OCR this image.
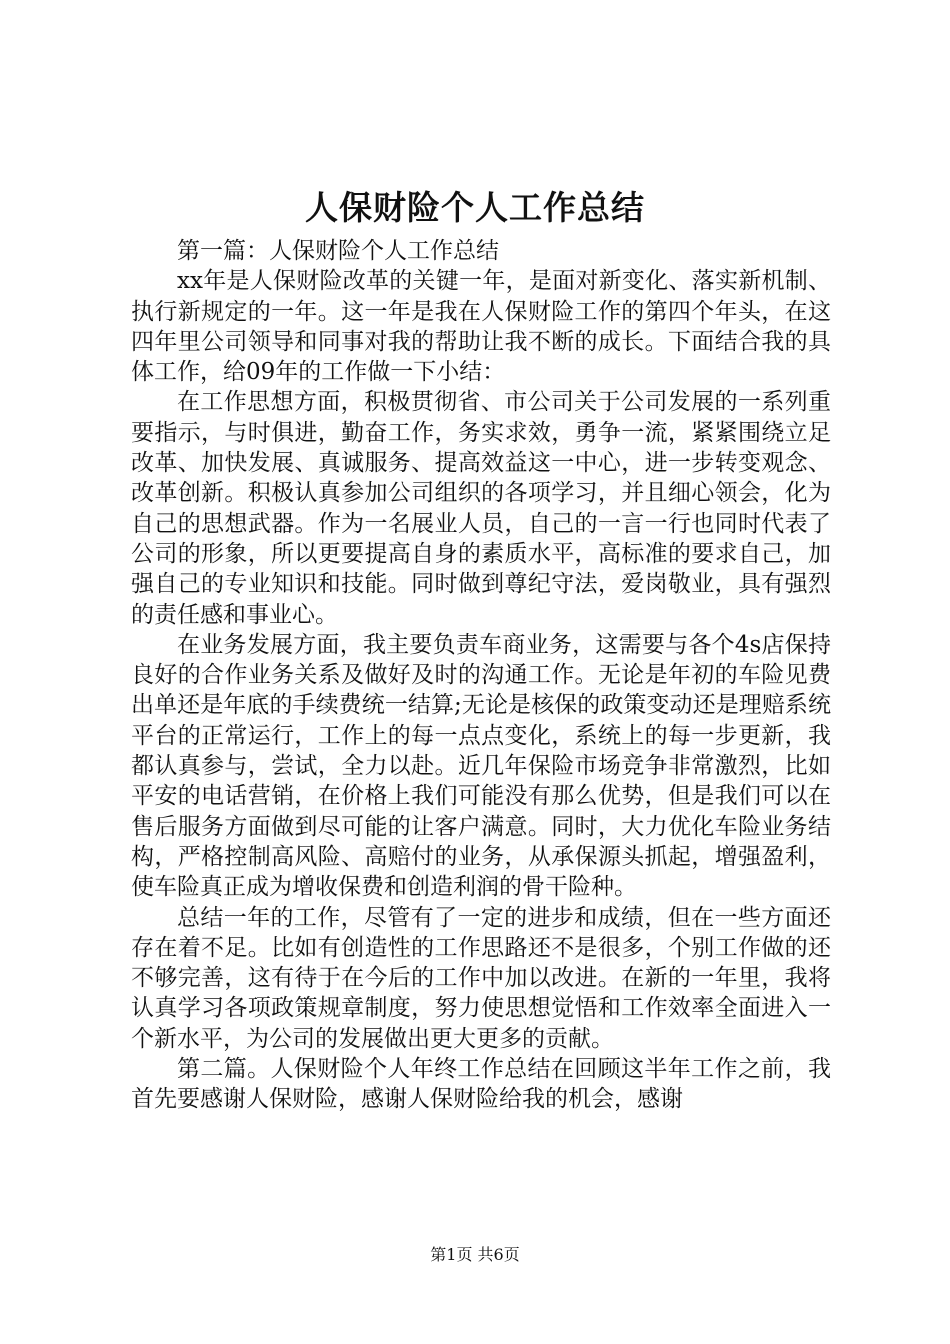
人保财险个人工作总结

第一篇：人保财险个人工作总结

xx年是人保财险改革的关键一年，是面对新变化、落实新机制、执行新规定的一年。这一年是我在人保财险工作的第四个年头，在这四年里公司领导和同事对我的帮助让我不断的成长。下面结合我的具体工作，给09年的工作做一下小结：

在工作思想方面，积极贯彻省、市公司关于公司发展的一系列重要指示，与时俱进，勤奋工作，务实求效，勇争一流，紧紧围绕立足改革、加快发展、真诚服务、提高效益这一中心，进一步转变观念、改革创新。积极认真参加公司组织的各项学习，并且细心领会，化为自己的思想武器。作为一名展业人员，自己的一言一行也同时代表了公司的形象，所以更要提高自身的素质水平，高标准的要求自己，加强自己的专业知识和技能。同时做到尊纪守法，爱岗敬业，具有强烈的责任感和事业心。

在业务发展方面，我主要负责车商业务，这需要与各个4s店保持良好的合作业务关系及做好及时的沟通工作。无论是年初的车险见费出单还是年底的手续费统一结算;无论是核保的政策变动还是理赔系统平台的正常运行，工作上的每一点点变化，系统上的每一步更新，我都认真参与，尝试，全力以赴。近几年保险市场竞争非常激烈，比如平安的电话营销，在价格上我们可能没有那么优势，但是我们可以在售后服务方面做到尽可能的让客户满意。同时，大力优化车险业务结构，严格控制高风险、高赔付的业务，从承保源头抓起，增强盈利，使车险真正成为增收保费和创造利润的骨干险种。

总结一年的工作，尽管有了一定的进步和成绩，但在一些方面还存在着不足。比如有创造性的工作思路还不是很多，个别工作做的还不够完善，这有待于在今后的工作中加以改进。在新的一年里，我将认真学习各项政策规章制度，努力使思想觉悟和工作效率全面进入一个新水平，为公司的发展做出更大更多的贡献。

第二篇。人保财险个人年终工作总结在回顾这半年工作之前，我首先要感谢人保财险，感谢人保财险给我的机会，感谢

第1页 共6页
